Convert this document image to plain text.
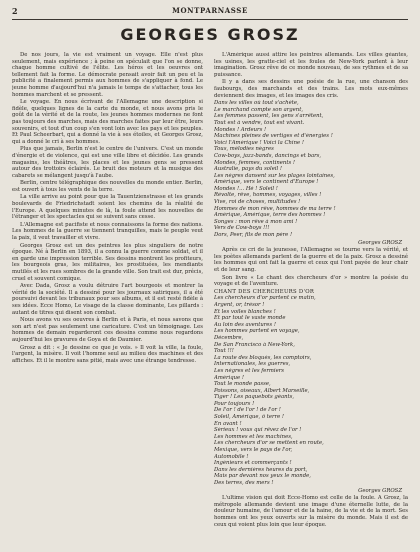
2	MONTPARNASSE
GEORGES GROSZ

De nos jours, la vie est vraiment un voyage. Elle n'est plus seulement, mais expérience ; à peine on spéculait que l'on se donne, chaque homme cultivé de l'élite. Les héros et les oeuvres ont tellement fait la forme. Le démocrate pensait avoir fait un peu et la publicité a finalement permis aux hommes de s'appliquer à fond. Le jeune homme d'aujourd'hui n'a jamais le temps de s'attacher, tous les hommes marchent et se pressent.

Le voyage. En nous écrivant de l'Allemagne une description si fidèle, quelques lignes de la carte du monde, et nous avons pris le goût de la vérité et de la route, les jeunes hommes modernes ne font pas toujours des marches, mais des marches faites par leur être, leurs souvenirs, et tout d'un coup s'en vont loin avec les pays et les peuples. Et Paul Scheerbart, qui a donné la vie à ses étoiles, et Georges Grosz, qui a donné le cri à ses hommes.

Plus que jamais, Berlin n'est le centre de l'univers. C'est un monde d'énergie et de violence, qui est une ville libre et décidée. Les grands magasins, les théâtres, les places et les jeunes gens se pressent autour des trottoirs éclairés. Le bruit des moteurs et la musique des cabarets se mélangent jusqu'à l'aube.

Berlin, centre télégraphique des nouvelles du monde entier. Berlin, est ouvert à tous les vents de la terre.

La ville arrive au point pour que la Tauentzienstrasse et les grands boulevards de Friedrichstadt soient les chemins de la réalité de l'Europe. A quelques minutes de là, la foule attend les nouvelles de l'étranger et les spectacles qui se suivent sans cesse.

L'Allemagne est pacifiste et nous connaissons la forme des nations. Les hommes de la guerre se tiennent tranquilles, mais le peuple veut la paix, il veut travailler et vivre.

Georges Grosz est un des peintres les plus singuliers de notre époque. Né à Berlin en 1893, il a connu la guerre comme soldat, et il en garde une impression terrible. Ses dessins montrent les profiteurs, les bourgeois gras, les militaires, les prostituées, les mendiants mutilés et les rues sombres de la grande ville. Son trait est dur, précis, cruel et souvent comique.

Avec Dada, Grosz a voulu détruire l'art bourgeois et montrer la vérité de la société. Il a dessiné pour les journaux satiriques, il a été poursuivi devant les tribunaux pour ses albums, et il est resté fidèle à ses idées. Ecce Homo, Le visage de la classe dominante, Les pillards : autant de titres qui disent son combat.

Nous avons vu ses oeuvres à Berlin et à Paris, et nous savons que son art n'est pas seulement une caricature. C'est un témoignage. Les hommes de demain regarderont ces dessins comme nous regardons aujourd'hui les gravures de Goya et de Daumier.

Grosz a dit : « Je dessine ce que je vois. » Il voit la ville, la foule, l'argent, la misère. Il voit l'homme seul au milieu des machines et des affiches. Et il le montre sans pitié, mais avec une étrange tendresse.

L'Amérique aussi attire les peintres allemands. Les villes géantes, les usines, les gratte-ciel et les foules de New-York parlent à leur imagination. Grosz rêve de ce monde nouveau, de ses rythmes et de sa puissance.

Il y a dans ses dessins une poésie de la rue, une chanson des faubourgs, des marchands et des trains. Les mots eux-mêmes deviennent des images, et les images des cris.

Dans les villes où tout s'achète,
Le marchand compte son argent,
Les femmes passent, les gens s'arrêtent,
Tout est à vendre, tout est vivant.
Mondes ! Ardeurs !
Machines pleines de vertiges et d'énergies !
Voici l'Amérique ! Voici la Chine !
Tous, mélodies nègres
Cow-boys, jazz-bands, dancings et bars,
Mondes, femmes, continents !
Australie, pays du soleil !
Les nègres dansent sur les plages lointaines,
Amérique, vers le continent d'Europe !
Mondes !... Hé ! Soleil !
Révolte, rêve, hommes, voyages, villes !
Vive, roi de choses, multitudes !
Hommes de mon rêve, hommes de ma terre !
Amérique, Amérique, terre des hommes !
Songes : mon rêve à mon ami !
Vers de Cow-boys !!!
Dors, Peer, fils de mon père !
Georges GROSZ

Après ce cri de la jeunesse, l'Allemagne se tourne vers la vérité, et les poètes allemands parlent de la guerre et de la paix. Grosz a dessiné les hommes qui ont fait la guerre et ceux qui l'ont payée de leur chair et de leur sang.

Son livre « Le chant des chercheurs d'or » montre la poésie du voyage et de l'aventure.

CHANT DES CHERCHEURS D'OR
Les chercheurs d'or partent ce matin,
Argent, or, trésor !
Et les voiles blanches !
Et par tout le vaste monde
Au loin des aventures !
Les hommes partent en voyage,
Décembre,
De San Francisco à New-York,
Tout !!!
La route des bloqués, les comptoirs,
Internationales, les guerres,
Les nègres et les fermiers
Amérique !
Tout le monde passe,
Poissons, oiseaux, Albert Marseille,
Tiger ! Les paquebots géants,
Pour toujours !
De l'or ! de l'or ! de l'or !
Soleil, Amérique, ô terre !
En avant !
Sérieux ! vous qui rêvez de l'or !
Les hommes et les machines,
Les chercheurs d'or se mettent en route,
Mexique, vers le pays de l'or,
Automobile !
Ingénieurs et commerçants !
Dans les dernières heures du port,
Mais par devant nos yeux le monde,
Des terres, des mers !
Georges GROSZ

L'ultime vision qui doit Ecce-Homo est celle de la foule. A Grosz, la métropole allemande devient une image d'une éternelle lutte, de la douleur humaine, de l'amour et de la haine, de la vie et de la mort. Ses hommes ont les yeux ouverts sur la misère du monde. Mais il est de ceux qui voient plus loin que leur époque.
